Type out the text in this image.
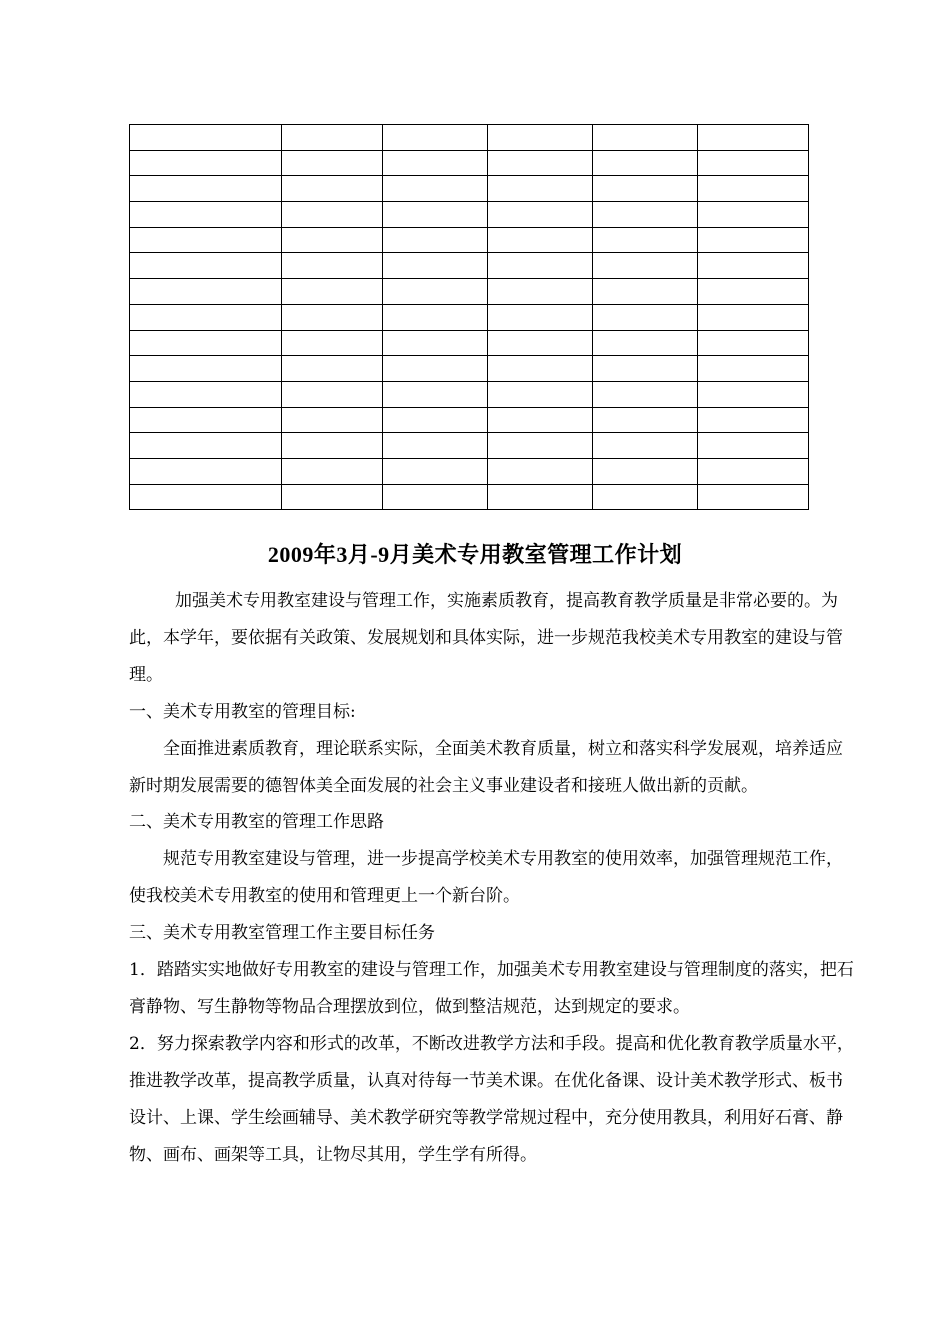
2009年3月-9月美术专用教室管理工作计划

加强美术专用教室建设与管理工作，实施素质教育，提高教育教学质量是非常必要的。为此，本学年，要依据有关政策、发展规划和具体实际，进一步规范我校美术专用教室的建设与管理。

一、美术专用教室的管理目标:

全面推进素质教育，理论联系实际，全面美术教育质量，树立和落实科学发展观，培养适应新时期发展需要的德智体美全面发展的社会主义事业建设者和接班人做出新的贡献。

二、美术专用教室的管理工作思路

规范专用教室建设与管理，进一步提高学校美术专用教室的使用效率，加强管理规范工作，使我校美术专用教室的使用和管理更上一个新台阶。

三、美术专用教室管理工作主要目标任务

1．踏踏实实地做好专用教室的建设与管理工作，加强美术专用教室建设与管理制度的落实，把石膏静物、写生静物等物品合理摆放到位，做到整洁规范，达到规定的要求。

2．努力探索教学内容和形式的改革，不断改进教学方法和手段。提高和优化教育教学质量水平，推进教学改革，提高教学质量，认真对待每一节美术课。在优化备课、设计美术教学形式、板书设计、上课、学生绘画辅导、美术教学研究等教学常规过程中，充分使用教具，利用好石膏、静物、画布、画架等工具，让物尽其用，学生学有所得。
